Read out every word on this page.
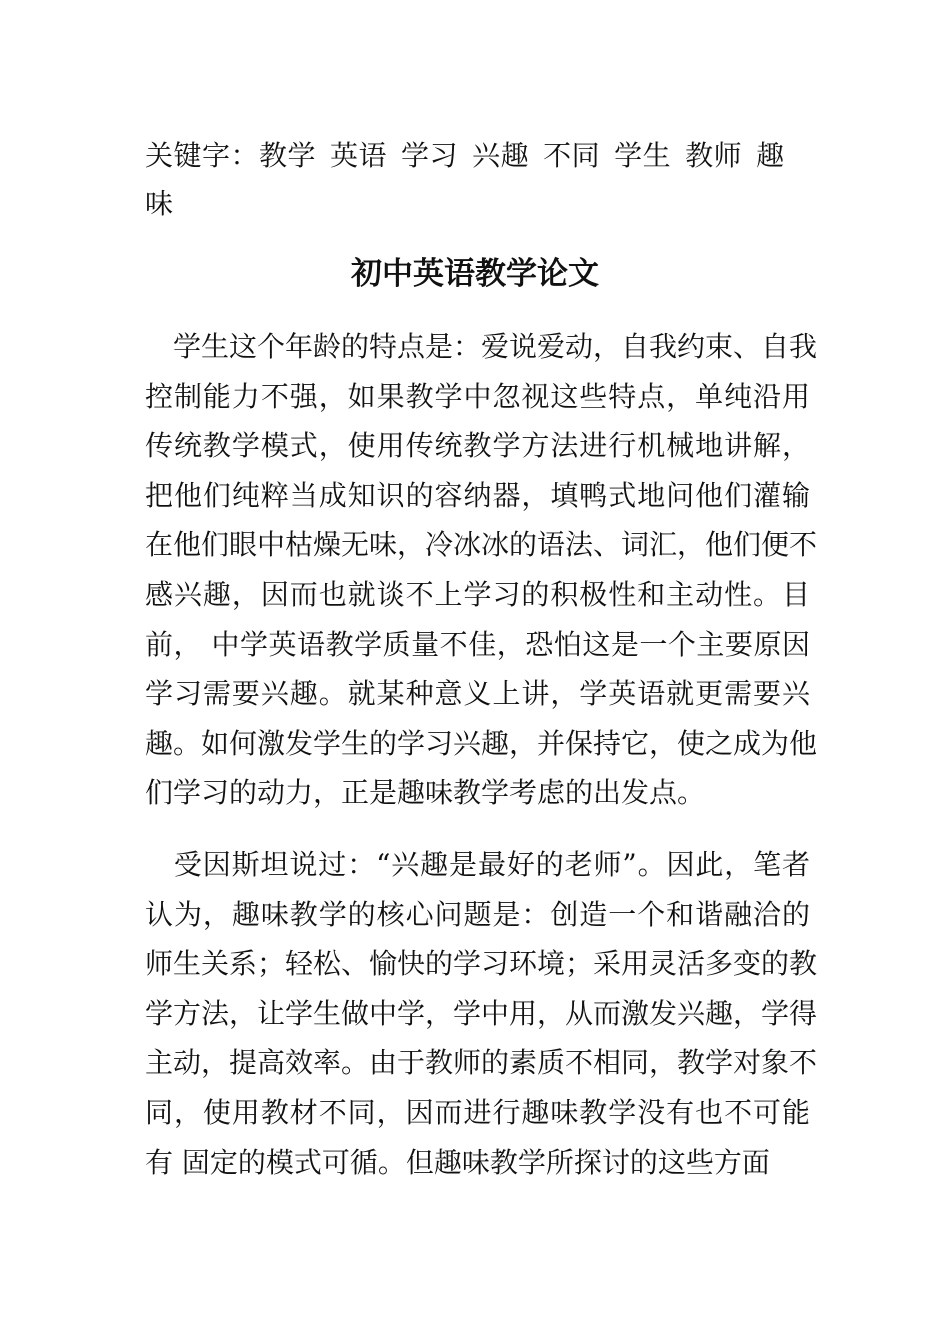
关键字：教学 英语 学习 兴趣 不同 学生 教师 趣味
初中英语教学论文
　学生这个年龄的特点是：爱说爱动，自我约束、自我
控制能力不强，如果教学中忽视这些特点，单纯沿用
传统教学模式，使用传统教学方法进行机械地讲解，
把他们纯粹当成知识的容纳器，填鸭式地问他们灌输
在他们眼中枯燥无味，冷冰冰的语法、词汇，他们便不
感兴趣，因而也就谈不上学习的积极性和主动性。目
前， 中学英语教学质量不佳，恐怕这是一个主要原因
学习需要兴趣。就某种意义上讲，学英语就更需要兴
趣。如何激发学生的学习兴趣，并保持它，使之成为他
们学习的动力，正是趣味教学考虑的出发点。
　受因斯坦说过：“兴趣是最好的老师”。因此，笔者
认为，趣味教学的核心问题是：创造一个和谐融洽的
师生关系；轻松、愉快的学习环境；采用灵活多变的教
学方法，让学生做中学，学中用，从而激发兴趣，学得
主动，提高效率。由于教师的素质不相同，教学对象不
同，使用教材不同，因而进行趣味教学没有也不可能
有 固定的模式可循。但趣味教学所探讨的这些方面
